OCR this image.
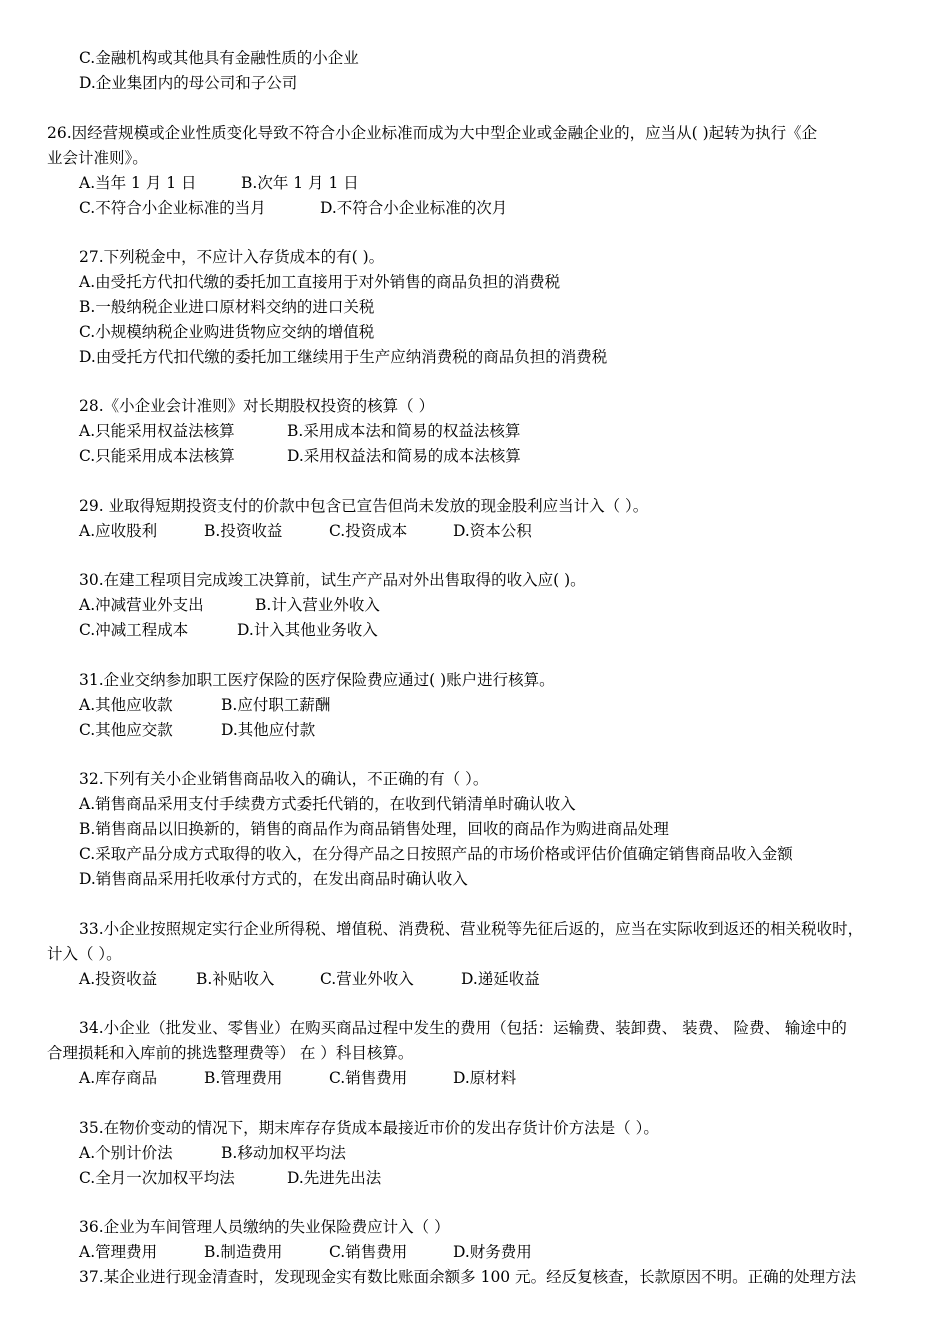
C.金融机构或其他具有金融性质的小企业
D.企业集团内的母公司和子公司
26.因经营规模或企业性质变化导致不符合小企业标准而成为大中型企业或金融企业的，应当从( )起转为执行《企
业会计准则》。
A.当年 1 月 1 日	B.次年 1 月 1 日
C.不符合小企业标准的当月	D.不符合小企业标准的次月
27.下列税金中，不应计入存货成本的有( )。
A.由受托方代扣代缴的委托加工直接用于对外销售的商品负担的消费税
B.一般纳税企业进口原材料交纳的进口关税
C.小规模纳税企业购进货物应交纳的增值税
D.由受托方代扣代缴的委托加工继续用于生产应纳消费税的商品负担的消费税
28.《小企业会计准则》对长期股权投资的核算（ ）
A.只能采用权益法核算	B.采用成本法和简易的权益法核算
C.只能采用成本法核算	D.采用权益法和简易的成本法核算
29. 业取得短期投资支付的价款中包含已宣告但尚未发放的现金股利应当计入（ ）。
A.应收股利	B.投资收益	C.投资成本	D.资本公积
30.在建工程项目完成竣工决算前，试生产产品对外出售取得的收入应( )。
A.冲减营业外支出	B.计入营业外收入
C.冲减工程成本	D.计入其他业务收入
31.企业交纳参加职工医疗保险的医疗保险费应通过( )账户进行核算。
A.其他应收款	B.应付职工薪酬
C.其他应交款	D.其他应付款
32.下列有关小企业销售商品收入的确认，不正确的有（ ）。
A.销售商品采用支付手续费方式委托代销的，在收到代销清单时确认收入
B.销售商品以旧换新的，销售的商品作为商品销售处理，回收的商品作为购进商品处理
C.采取产品分成方式取得的收入，在分得产品之日按照产品的市场价格或评估价值确定销售商品收入金额
D.销售商品采用托收承付方式的，在发出商品时确认收入
33.小企业按照规定实行企业所得税、增值税、消费税、营业税等先征后返的，应当在实际收到返还的相关税收时，
计入（ ）。
A.投资收益	B.补贴收入	C.营业外收入	D.递延收益
34.小企业（批发业、零售业）在购买商品过程中发生的费用（包括：运输费、装卸费、 装费、 险费、 输途中的
合理损耗和入库前的挑选整理费等） 在 ）科目核算。
A.库存商品	B.管理费用	C.销售费用	D.原材料
35.在物价变动的情况下，期末库存存货成本最接近市价的发出存货计价方法是（ ）。
A.个别计价法	B.移动加权平均法
C.全月一次加权平均法	D.先进先出法
36.企业为车间管理人员缴纳的失业保险费应计入（ ）
A.管理费用	B.制造费用	C.销售费用	D.财务费用
37.某企业进行现金清查时，发现现金实有数比账面余额多 100 元。经反复核查，长款原因不明。正确的处理方法
